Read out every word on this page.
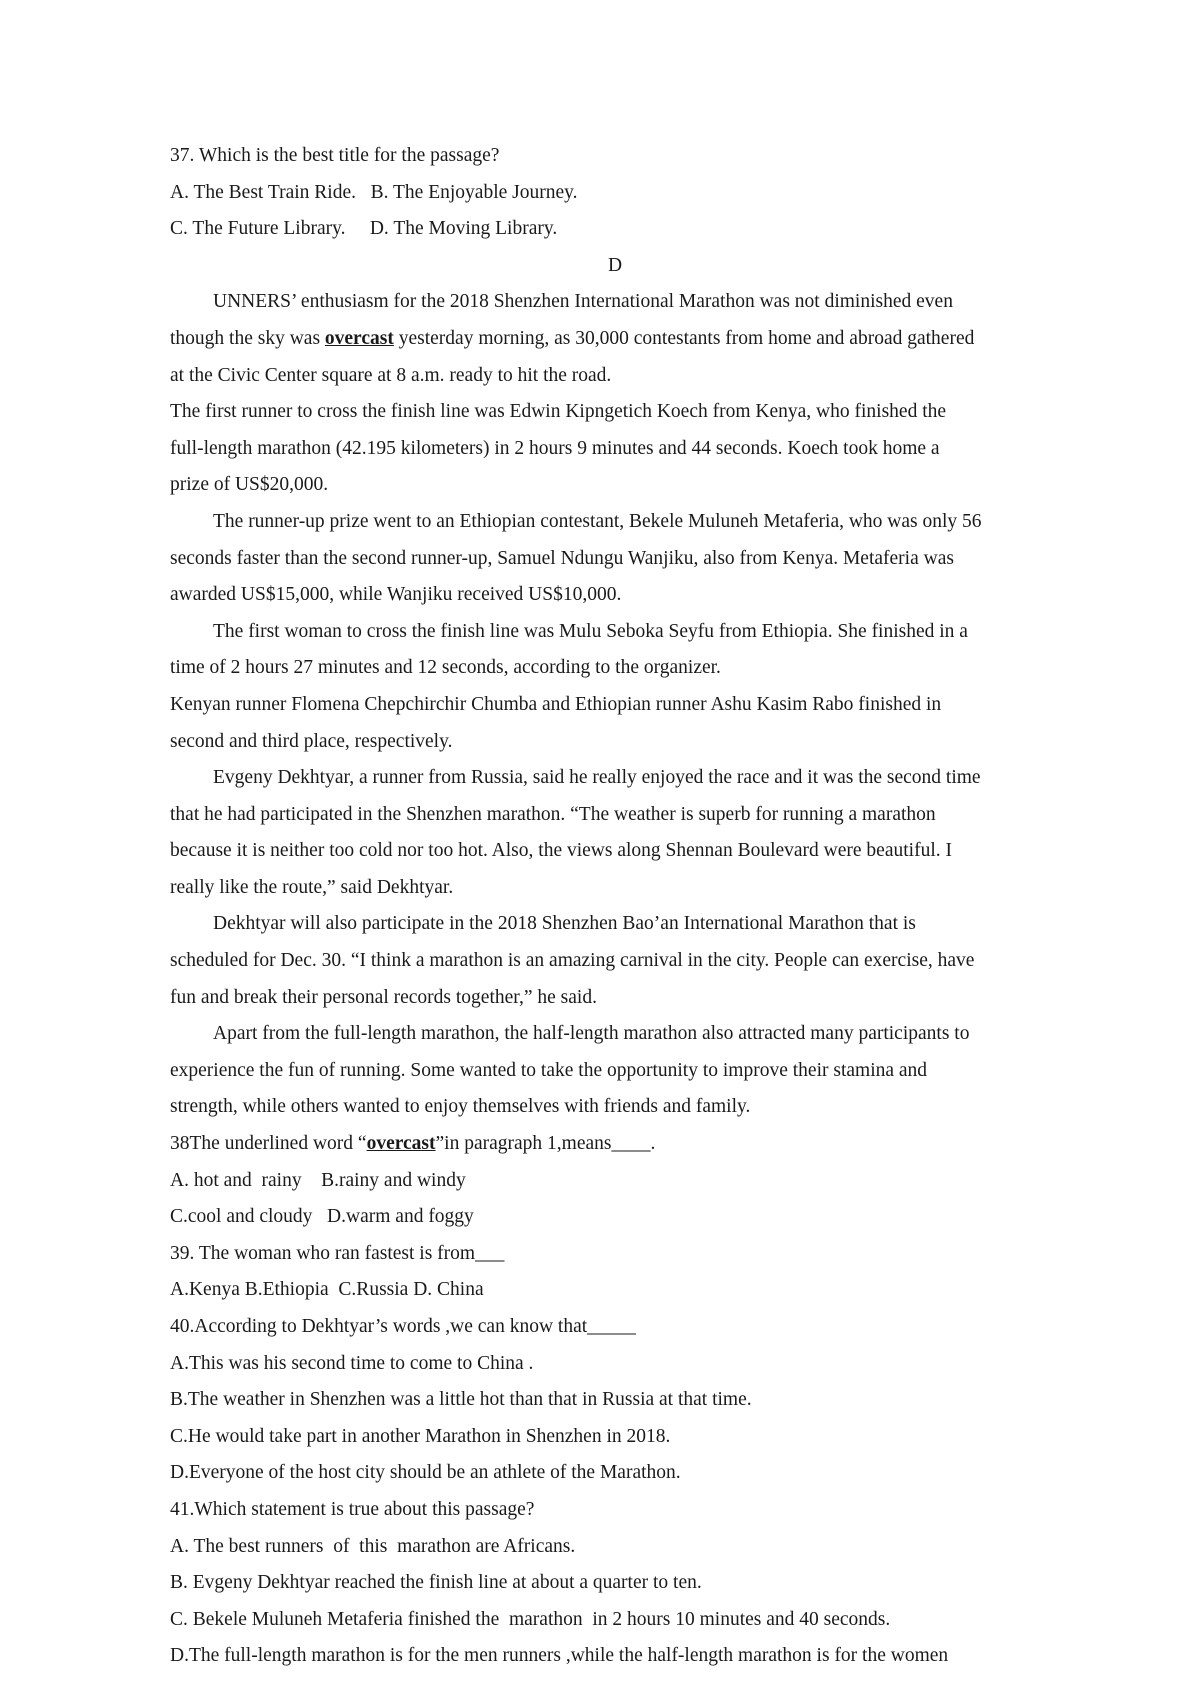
37. Which is the best title for the passage?
A. The Best Train Ride.   B. The Enjoyable Journey.
C. The Future Library.     D. The Moving Library.
D
UNNERS’ enthusiasm for the 2018 Shenzhen International Marathon was not diminished even
though the sky was overcast yesterday morning, as 30,000 contestants from home and abroad gathered
at the Civic Center square at 8 a.m. ready to hit the road.
The first runner to cross the finish line was Edwin Kipngetich Koech from Kenya, who finished the
full-length marathon (42.195 kilometers) in 2 hours 9 minutes and 44 seconds. Koech took home a
prize of US$20,000.
The runner-up prize went to an Ethiopian contestant, Bekele Muluneh Metaferia, who was only 56
seconds faster than the second runner-up, Samuel Ndungu Wanjiku, also from Kenya. Metaferia was
awarded US$15,000, while Wanjiku received US$10,000.
The first woman to cross the finish line was Mulu Seboka Seyfu from Ethiopia. She finished in a
time of 2 hours 27 minutes and 12 seconds, according to the organizer.
Kenyan runner Flomena Chepchirchir Chumba and Ethiopian runner Ashu Kasim Rabo finished in
second and third place, respectively.
Evgeny Dekhtyar, a runner from Russia, said he really enjoyed the race and it was the second time
that he had participated in the Shenzhen marathon. “The weather is superb for running a marathon
because it is neither too cold nor too hot. Also, the views along Shennan Boulevard were beautiful. I
really like the route,” said Dekhtyar.
Dekhtyar will also participate in the 2018 Shenzhen Bao’an International Marathon that is
scheduled for Dec. 30. “I think a marathon is an amazing carnival in the city. People can exercise, have
fun and break their personal records together,” he said.
Apart from the full-length marathon, the half-length marathon also attracted many participants to
experience the fun of running. Some wanted to take the opportunity to improve their stamina and
strength, while others wanted to enjoy themselves with friends and family.
38The underlined word “overcast”in paragraph 1,means____.
A. hot and  rainy    B.rainy and windy
C.cool and cloudy   D.warm and foggy
39. The woman who ran fastest is from___
A.Kenya B.Ethiopia  C.Russia D. China
40.According to Dekhtyar’s words ,we can know that_____
A.This was his second time to come to China .
B.The weather in Shenzhen was a little hot than that in Russia at that time.
C.He would take part in another Marathon in Shenzhen in 2018.
D.Everyone of the host city should be an athlete of the Marathon.
41.Which statement is true about this passage?
A. The best runners  of  this  marathon are Africans.
B. Evgeny Dekhtyar reached the finish line at about a quarter to ten.
C. Bekele Muluneh Metaferia finished the  marathon  in 2 hours 10 minutes and 40 seconds.
D.The full-length marathon is for the men runners ,while the half-length marathon is for the women
